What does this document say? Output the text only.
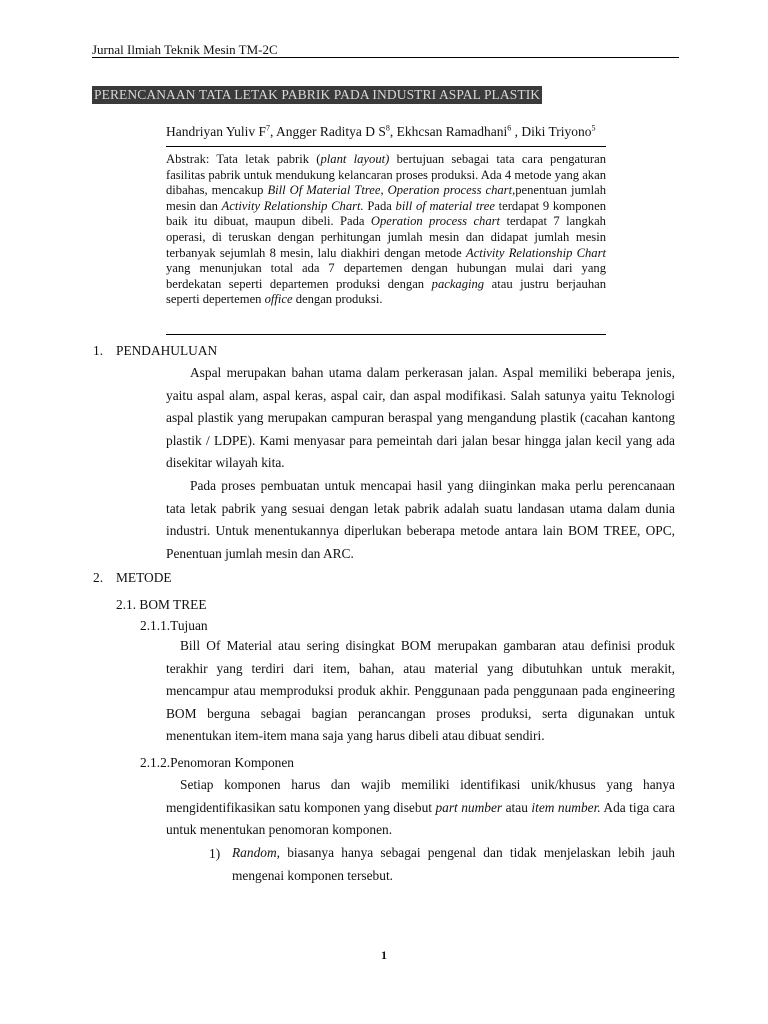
Jurnal Ilmiah Teknik Mesin TM-2C
PERENCANAAN TATA LETAK PABRIK PADA INDUSTRI ASPAL PLASTIK
Handriyan Yuliv $F^7$, Angger Raditya D $S^8$, Ekhcsan Ramadhani$^6$ , Diki Triyono$^5$
Abstrak: Tata letak pabrik (plant layout) bertujuan sebagai tata cara pengaturan fasilitas pabrik untuk mendukung kelancaran proses produksi. Ada 4 metode yang akan dibahas, mencakup Bill Of Material Ttree, Operation process chart,penentuan jumlah mesin dan Activity Relationship Chart. Pada bill of material tree terdapat 9 komponen baik itu dibuat, maupun dibeli. Pada Operation process chart terdapat 7 langkah operasi, di teruskan dengan perhitungan jumlah mesin dan didapat jumlah mesin terbanyak sejumlah 8 mesin, lalu diakhiri dengan metode Activity Relationship Chart yang menunjukan total ada 7 departemen dengan hubungan mulai dari yang berdekatan seperti departemen produksi dengan packaging atau justru berjauhan seperti depertemen office dengan produksi.
1. PENDAHULUAN
Aspal merupakan bahan utama dalam perkerasan jalan. Aspal memiliki beberapa jenis, yaitu aspal alam, aspal keras, aspal cair, dan aspal modifikasi. Salah satunya yaitu Teknologi aspal plastik yang merupakan campuran beraspal yang mengandung plastik (cacahan kantong plastik / LDPE). Kami menyasar para pemeintah dari jalan besar hingga jalan kecil yang ada disekitar wilayah kita.
Pada proses pembuatan untuk mencapai hasil yang diinginkan maka perlu perencanaan tata letak pabrik yang sesuai dengan letak pabrik adalah suatu landasan utama dalam dunia industri. Untuk menentukannya diperlukan beberapa metode antara lain BOM TREE, OPC, Penentuan jumlah mesin dan ARC.
2. METODE
2.1. BOM TREE
2.1.1.Tujuan
Bill Of Material atau sering disingkat BOM merupakan gambaran atau definisi produk terakhir yang terdiri dari item, bahan, atau material yang dibutuhkan untuk merakit, mencampur atau memproduksi produk akhir. Penggunaan pada penggunaan pada engineering BOM berguna sebagai bagian perancangan proses produksi, serta digunakan untuk menentukan item-item mana saja yang harus dibeli atau dibuat sendiri.
2.1.2.Penomoran Komponen
Setiap komponen harus dan wajib memiliki identifikasi unik/khusus yang hanya mengidentifikasikan satu komponen yang disebut part number atau item number. Ada tiga cara untuk menentukan penomoran komponen.
1) Random, biasanya hanya sebagai pengenal dan tidak menjelaskan lebih jauh mengenai komponen tersebut.
1
